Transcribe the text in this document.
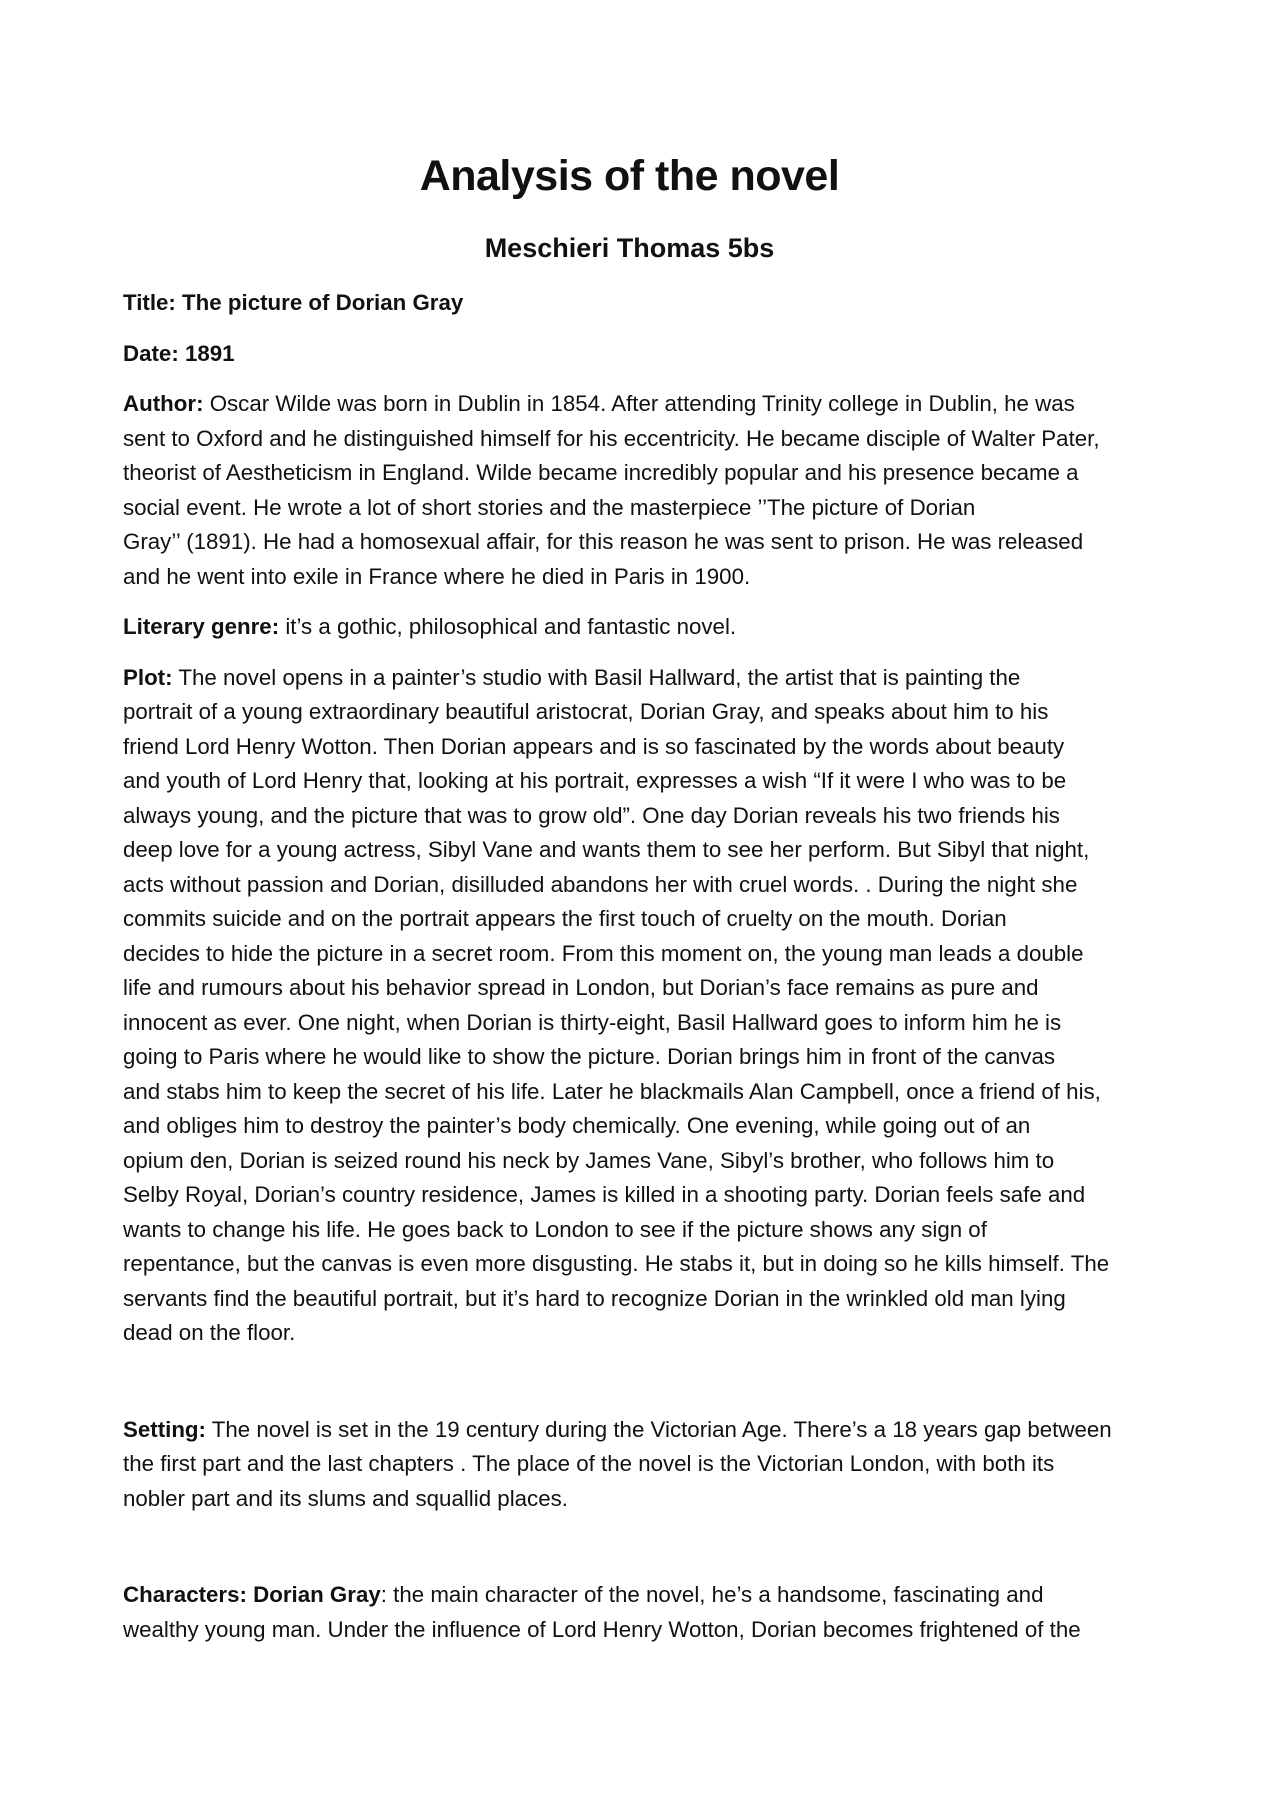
Analysis of the novel
Meschieri Thomas 5bs

Title: The picture of Dorian Gray

Date: 1891

Author: Oscar Wilde was born in Dublin in 1854. After attending Trinity college in Dublin, he was
sent to Oxford and he distinguished himself for his eccentricity. He became disciple of Walter Pater,
theorist of Aestheticism in England. Wilde became incredibly popular and his presence became a
social event. He wrote a lot of short stories and the masterpiece ’’The picture of Dorian
Gray’’ (1891). He had a homosexual affair, for this reason he was sent to prison. He was released
and he went into exile in France where he died in Paris in 1900.

Literary genre: it’s a gothic, philosophical and fantastic novel.

Plot: The novel opens in a painter’s studio with Basil Hallward, the artist that is painting the
portrait of a young extraordinary beautiful aristocrat, Dorian Gray, and speaks about him to his
friend Lord Henry Wotton. Then Dorian appears and is so fascinated by the words about beauty
and youth of Lord Henry that, looking at his portrait, expresses a wish “If it were I who was to be
always young, and the picture that was to grow old”. One day Dorian reveals his two friends his
deep love for a young actress, Sibyl Vane and wants them to see her perform. But Sibyl that night,
acts without passion and Dorian, disilluded abandons her with cruel words. . During the night she
commits suicide and on the portrait appears the first touch of cruelty on the mouth. Dorian
decides to hide the picture in a secret room. From this moment on, the young man leads a double
life and rumours about his behavior spread in London, but Dorian’s face remains as pure and
innocent as ever. One night, when Dorian is thirty-eight, Basil Hallward goes to inform him he is
going to Paris where he would like to show the picture. Dorian brings him in front of the canvas
and stabs him to keep the secret of his life. Later he blackmails Alan Campbell, once a friend of his,
and obliges him to destroy the painter’s body chemically. One evening, while going out of an
opium den, Dorian is seized round his neck by James Vane, Sibyl’s brother, who follows him to
Selby Royal, Dorian’s country residence, James is killed in a shooting party. Dorian feels safe and
wants to change his life. He goes back to London to see if the picture shows any sign of
repentance, but the canvas is even more disgusting. He stabs it, but in doing so he kills himself. The
servants find the beautiful portrait, but it’s hard to recognize Dorian in the wrinkled old man lying
dead on the floor.

Setting: The novel is set in the 19 century during the Victorian Age. There’s a 18 years gap between
the first part and the last chapters . The place of the novel is the Victorian London, with both its
nobler part and its slums and squallid places.

Characters: Dorian Gray: the main character of the novel, he’s a handsome, fascinating and
wealthy young man. Under the influence of Lord Henry Wotton, Dorian becomes frightened of the
